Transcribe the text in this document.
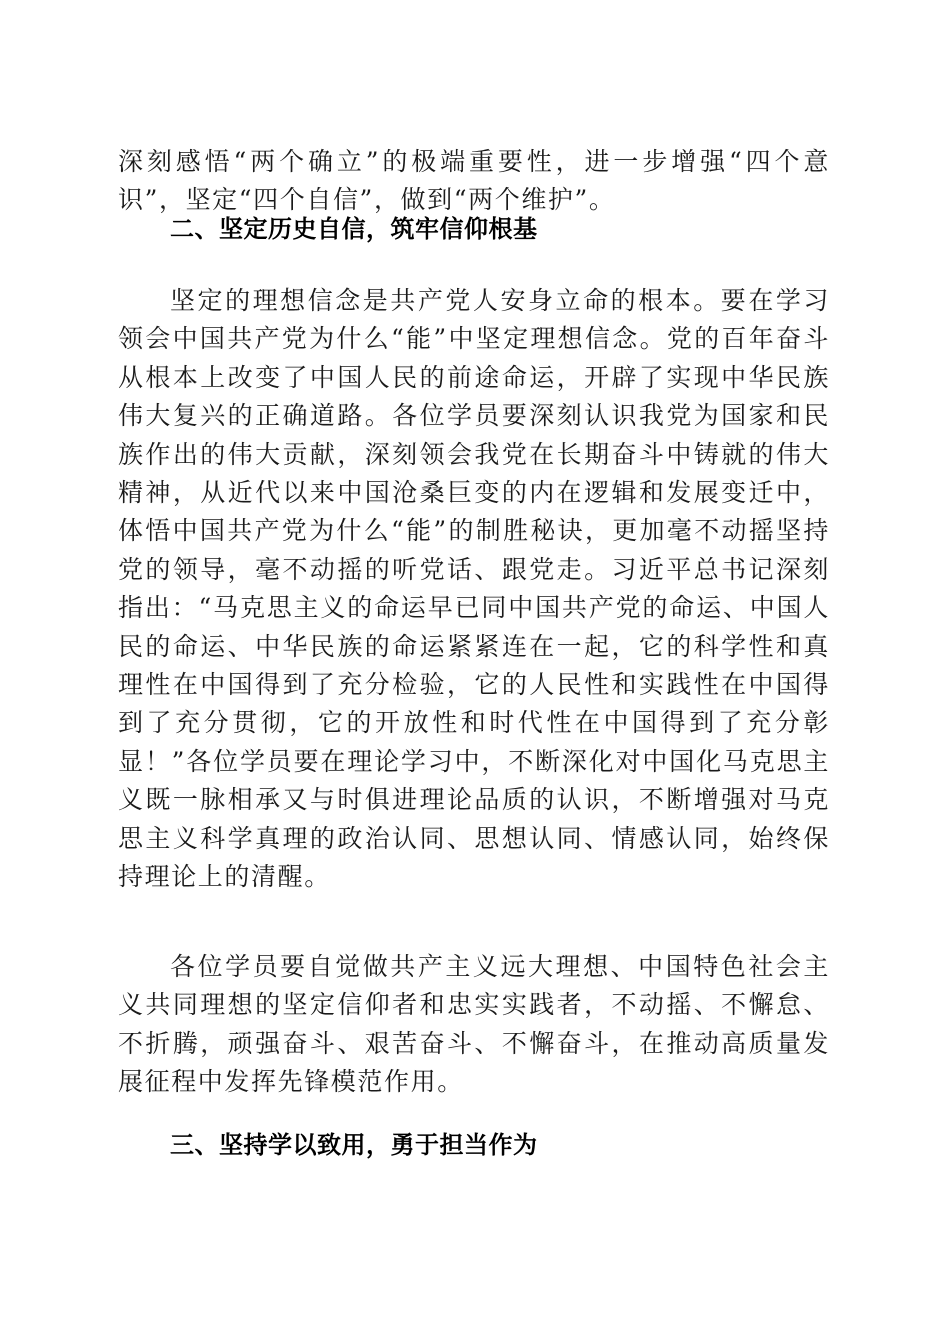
深刻感悟“两个确立”的极端重要性，进一步增强“四个意识”，坚定“四个自信”，做到“两个维护”。

二、坚定历史自信，筑牢信仰根基

坚定的理想信念是共产党人安身立命的根本。要在学习领会中国共产党为什么“能”中坚定理想信念。党的百年奋斗从根本上改变了中国人民的前途命运，开辟了实现中华民族伟大复兴的正确道路。各位学员要深刻认识我党为国家和民族作出的伟大贡献，深刻领会我党在长期奋斗中铸就的伟大精神，从近代以来中国沧桑巨变的内在逻辑和发展变迁中，体悟中国共产党为什么“能”的制胜秘诀，更加毫不动摇坚持党的领导，毫不动摇的听党话、跟党走。习近平总书记深刻指出：“马克思主义的命运早已同中国共产党的命运、中国人民的命运、中华民族的命运紧紧连在一起，它的科学性和真理性在中国得到了充分检验，它的人民性和实践性在中国得到了充分贯彻，它的开放性和时代性在中国得到了充分彰显！”各位学员要在理论学习中，不断深化对中国化马克思主义既一脉相承又与时俱进理论品质的认识，不断增强对马克思主义科学真理的政治认同、思想认同、情感认同，始终保持理论上的清醒。

各位学员要自觉做共产主义远大理想、中国特色社会主义共同理想的坚定信仰者和忠实实践者，不动摇、不懈怠、不折腾，顽强奋斗、艰苦奋斗、不懈奋斗，在推动高质量发展征程中发挥先锋模范作用。

三、坚持学以致用，勇于担当作为
